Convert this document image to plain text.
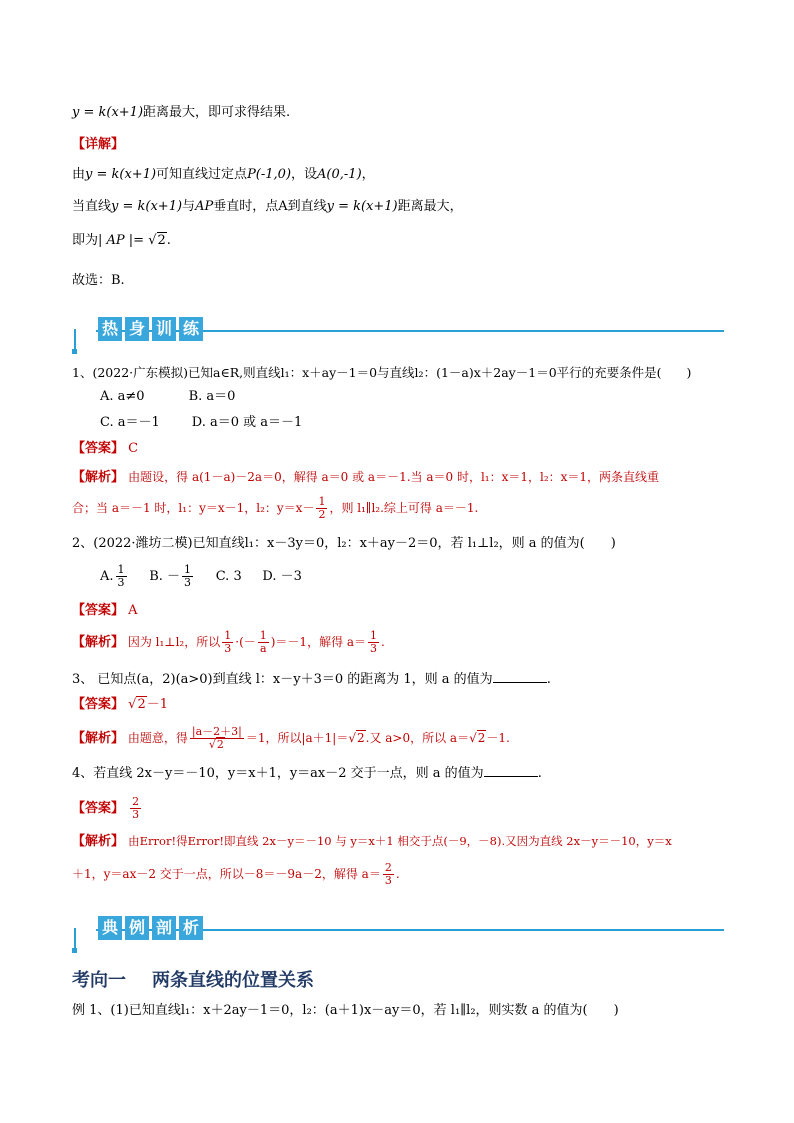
y = k(x+1)距离最大，即可求得结果.
【详解】
由y = k(x+1)可知直线过定点P(-1,0)，设A(0,-1)，
当直线y = k(x+1)与AP垂直时，点A到直线y = k(x+1)距离最大，
即为| AP |= √2.
故选：B.
热 身 训 练
1、(2022·广东模拟)已知a∈R,则直线l₁：x＋ay－1＝0与直线l₂：(1－a)x＋2ay－1＝0平行的充要条件是(　　)
A. a≠0	B. a＝0
C. a＝－1 D. a＝0 或 a＝－1
【答案】 C
【解析】 由题设，得 a(1－a)－2a＝0，解得 a＝0 或 a＝－1.当 a＝0 时，l₁：x＝1，l₂：x＝1，两条直线重
合；当 a＝－1 时，l₁：y＝x－1，l₂：$y=x- \frac{1}{2}$ ，则 l₁∥l₂.综上可得 a＝－1.
2、(2022·潍坊二模)已知直线l₁：x－3y＝0，l₂：x＋ay－2＝0，若 l₁⊥l₂，则 a 的值为(　　)
A. $\frac{1}{3} B$. － $\frac{1}{3} C$. 3 D. －3
【答案】 A
【解析】 因为 l₁⊥l₂，所以 $\frac{1}{3}$ ·(－ $\frac{1}{a} )=-1$，解得 $a= \frac{1}{3}$ .
3、 已知点(a，2)(a>0)到直线 l：x－y＋3＝0 的距离为 1，则 a 的值为	.
【答案】 √2－1
【解析】 由题意，得 $\frac{|a-2+3|}{√2} =1$，所以|a＋1|＝√2.又 a>0，所以 a＝√2－1.
4、若直线 2x－y＝－10，y＝x＋1，y＝ax－2 交于一点，则 a 的值为	.
【答案】 $\frac{2}{3}$
【解析】 由Error!得Error!即直线 2x－y＝－10 与 y＝x＋1 相交于点(－9，－8).又因为直线 2x－y＝－10，y＝x
＋1，y＝ax－2 交于一点，所以－8＝－9a－2，解得 $a= \frac{2}{3}$ .
典 例 剖 析
考向一 两条直线的位置关系
例 1、(1)已知直线l₁：x＋2ay－1＝0，l₂：(a＋1)x－ay＝0，若 l₁∥l₂，则实数 a 的值为(　　)
